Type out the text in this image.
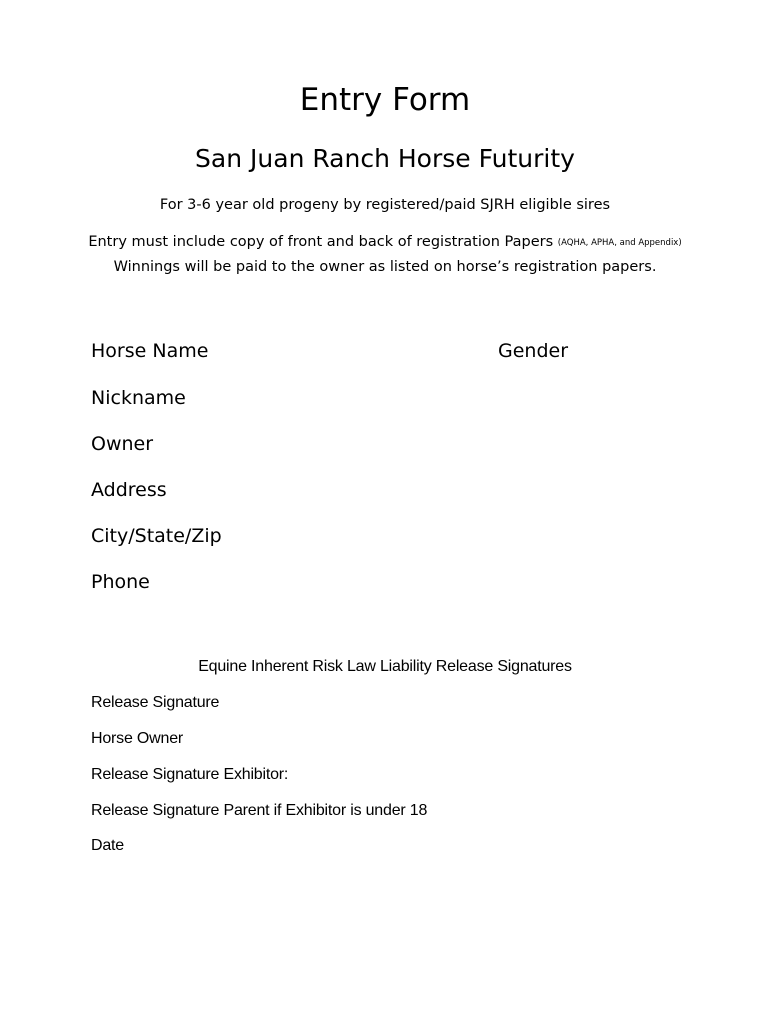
Entry Form
San Juan Ranch Horse Futurity
For 3-6 year old progeny by registered/paid SJRH eligible sires
Entry must include copy of front and back of registration Papers (AQHA, APHA, and Appendix)
Winnings will be paid to the owner as listed on horse’s registration papers.
Horse Name	Gender
Nickname
Owner
Address
City/State/Zip
Phone
Equine Inherent Risk Law Liability Release Signatures
Release Signature
Horse Owner
Release Signature Exhibitor:
Release Signature Parent if Exhibitor is under 18
Date
